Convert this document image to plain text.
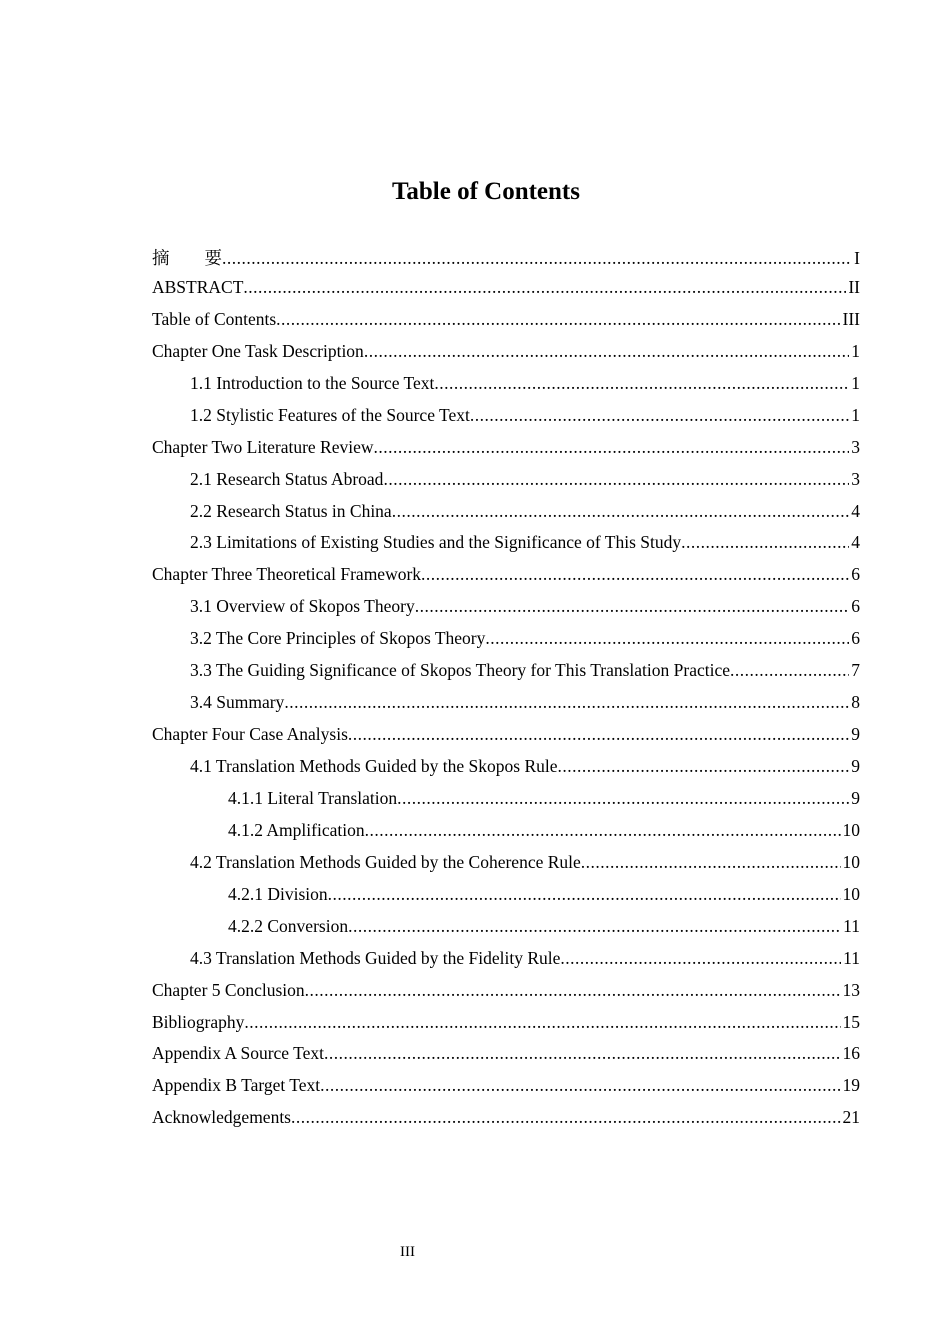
Table of Contents
摘　　要 .....	I
ABSTRACT .....	II
Table of Contents .....	III
Chapter One Task Description .....	1
1.1 Introduction to the Source Text .....	1
1.2 Stylistic Features of the Source Text .....	1
Chapter Two Literature Review .....	3
2.1 Research Status Abroad .....	3
2.2 Research Status in China .....	4
2.3 Limitations of Existing Studies and the Significance of This Study .....	4
Chapter Three Theoretical Framework .....	6
3.1 Overview of Skopos Theory .....	6
3.2 The Core Principles of Skopos Theory .....	6
3.3 The Guiding Significance of Skopos Theory for This Translation Practice .....	7
3.4 Summary .....	8
Chapter Four Case Analysis .....	9
4.1 Translation Methods Guided by the Skopos Rule .....	9
4.1.1 Literal Translation .....	9
4.1.2 Amplification .....	10
4.2 Translation Methods Guided by the Coherence Rule .....	10
4.2.1 Division .....	10
4.2.2 Conversion .....	11
4.3 Translation Methods Guided by the Fidelity Rule .....	11
Chapter 5 Conclusion .....	13
Bibliography .....	15
Appendix A Source Text .....	16
Appendix B Target Text .....	19
Acknowledgements .....	21
III
